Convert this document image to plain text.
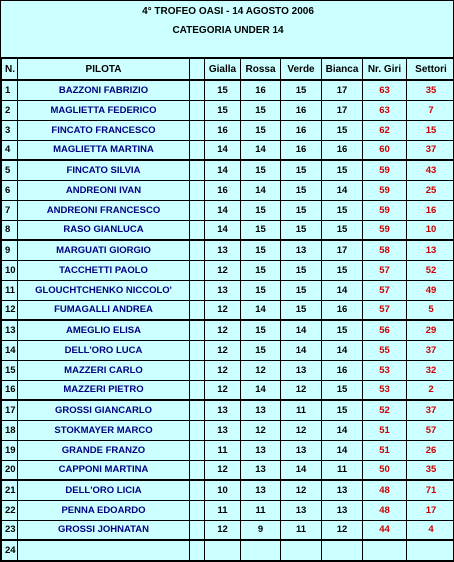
4° TROFEO OASI - 14 AGOSTO 2006
CATEGORIA UNDER 14
N.	PILOTA		Gialla	Rossa	Verde	Bianca	Nr. Giri	Settori
1	BAZZONI FABRIZIO		15	16	15	17	63	35
2	MAGLIETTA FEDERICO		15	15	16	17	63	7
3	FINCATO FRANCESCO		16	15	16	15	62	15
4	MAGLIETTA MARTINA		14	14	16	16	60	37
5	FINCATO SILVIA		14	15	15	15	59	43
6	ANDREONI IVAN		16	14	15	14	59	25
7	ANDREONI FRANCESCO		14	15	15	15	59	16
8	RASO GIANLUCA		14	15	15	15	59	10
9	MARGUATI GIORGIO		13	15	13	17	58	13
10	TACCHETTI PAOLO		12	15	15	15	57	52
11	GLOUCHTCHENKO NICCOLO'		13	15	15	14	57	49
12	FUMAGALLI ANDREA		12	14	15	16	57	5
13	AMEGLIO ELISA		12	15	14	15	56	29
14	DELL'ORO LUCA		12	15	14	14	55	37
15	MAZZERI CARLO		12	12	13	16	53	32
16	MAZZERI PIETRO		12	14	12	15	53	2
17	GROSSI GIANCARLO		13	13	11	15	52	37
18	STOKMAYER MARCO		13	12	12	14	51	57
19	GRANDE FRANZO		11	13	13	14	51	26
20	CAPPONI MARTINA		12	13	14	11	50	35
21	DELL'ORO LICIA		10	13	12	13	48	71
22	PENNA EDOARDO		11	11	13	13	48	17
23	GROSSI JOHNATAN		12	9	11	12	44	4
24								
